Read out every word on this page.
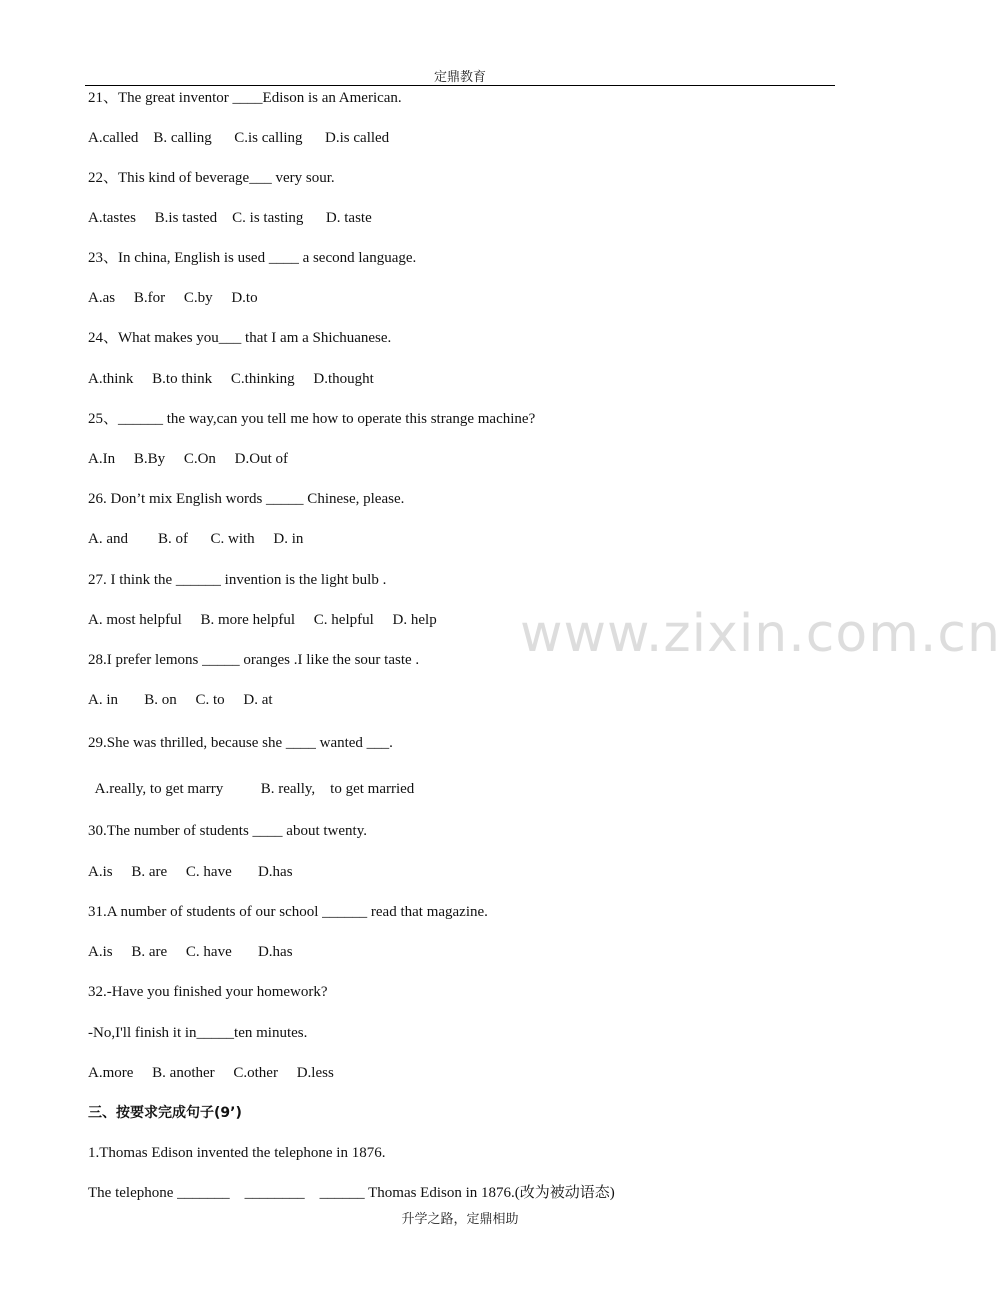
定鼎教育
21、The great inventor ____Edison is an American.
A.called    B. calling      C.is calling      D.is called
22、This kind of beverage___ very sour.
A.tastes     B.is tasted    C. is tasting      D. taste
23、In china, English is used ____ a second language.
A.as     B.for     C.by     D.to
24、What makes you___ that I am a Shichuanese.
A.think     B.to think     C.thinking     D.thought
25、______ the way,can you tell me how to operate this strange machine?
A.In     B.By     C.On     D.Out of
26. Don’t mix English words _____ Chinese, please.
A. and        B. of      C. with     D. in
27. I think the ______ invention is the light bulb .
A. most helpful     B. more helpful     C. helpful     D. help
28.I prefer lemons _____ oranges .I like the sour taste .
A. in       B. on     C. to     D. at
29.She was thrilled, because she ____ wanted ___.
A.really, to get marry          B. really,    to get married
30.The number of students ____ about twenty.
A.is     B. are     C. have       D.has
31.A number of students of our school ______ read that magazine.
A.is     B. are     C. have       D.has
32.-Have you finished your homework?
-No,I'll finish it in_____ten minutes.
A.more     B. another     C.other     D.less
三、按要求完成句子(9’)
1.Thomas Edison invented the telephone in 1876.
The telephone _______    ________    ______ Thomas Edison in 1876.(改为被动语态)
升学之路，定鼎相助
www.zixin.com.cn
